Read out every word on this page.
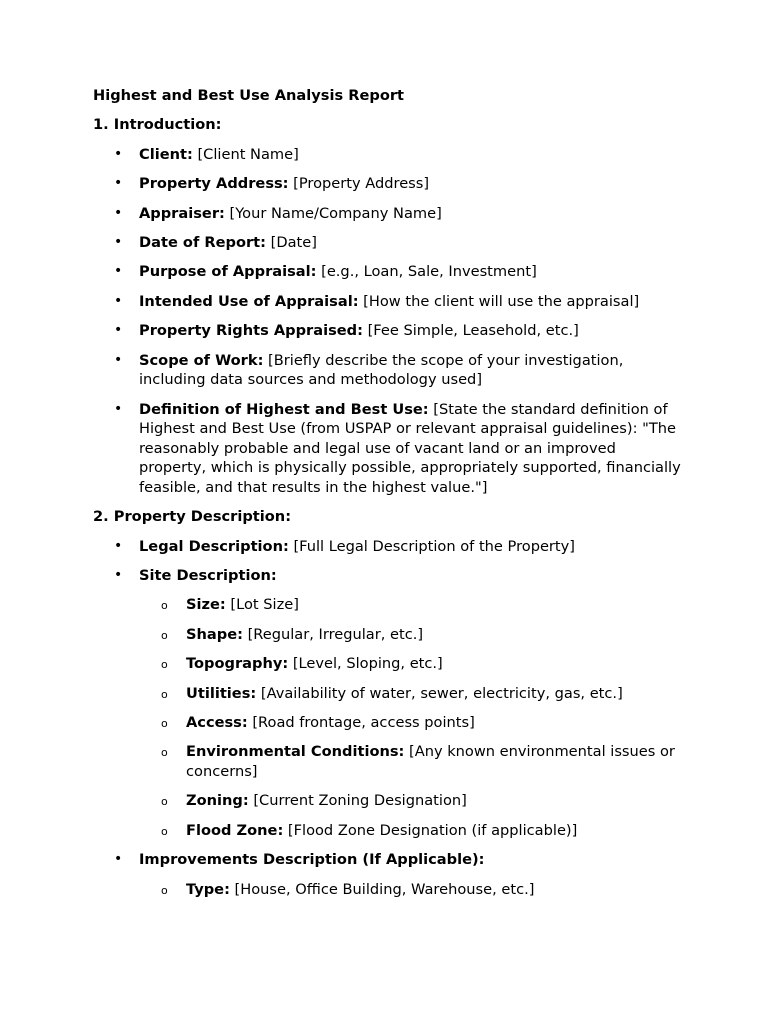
Highest and Best Use Analysis Report

1. Introduction:

• Client: [Client Name]
• Property Address: [Property Address]
• Appraiser: [Your Name/Company Name]
• Date of Report: [Date]
• Purpose of Appraisal: [e.g., Loan, Sale, Investment]
• Intended Use of Appraisal: [How the client will use the appraisal]
• Property Rights Appraised: [Fee Simple, Leasehold, etc.]
• Scope of Work: [Briefly describe the scope of your investigation, including data sources and methodology used]
• Definition of Highest and Best Use: [State the standard definition of Highest and Best Use (from USPAP or relevant appraisal guidelines): "The reasonably probable and legal use of vacant land or an improved property, which is physically possible, appropriately supported, financially feasible, and that results in the highest value."]

2. Property Description:

• Legal Description: [Full Legal Description of the Property]
• Site Description:
o Size: [Lot Size]
o Shape: [Regular, Irregular, etc.]
o Topography: [Level, Sloping, etc.]
o Utilities: [Availability of water, sewer, electricity, gas, etc.]
o Access: [Road frontage, access points]
o Environmental Conditions: [Any known environmental issues or concerns]
o Zoning: [Current Zoning Designation]
o Flood Zone: [Flood Zone Designation (if applicable)]
• Improvements Description (If Applicable):
o Type: [House, Office Building, Warehouse, etc.]
